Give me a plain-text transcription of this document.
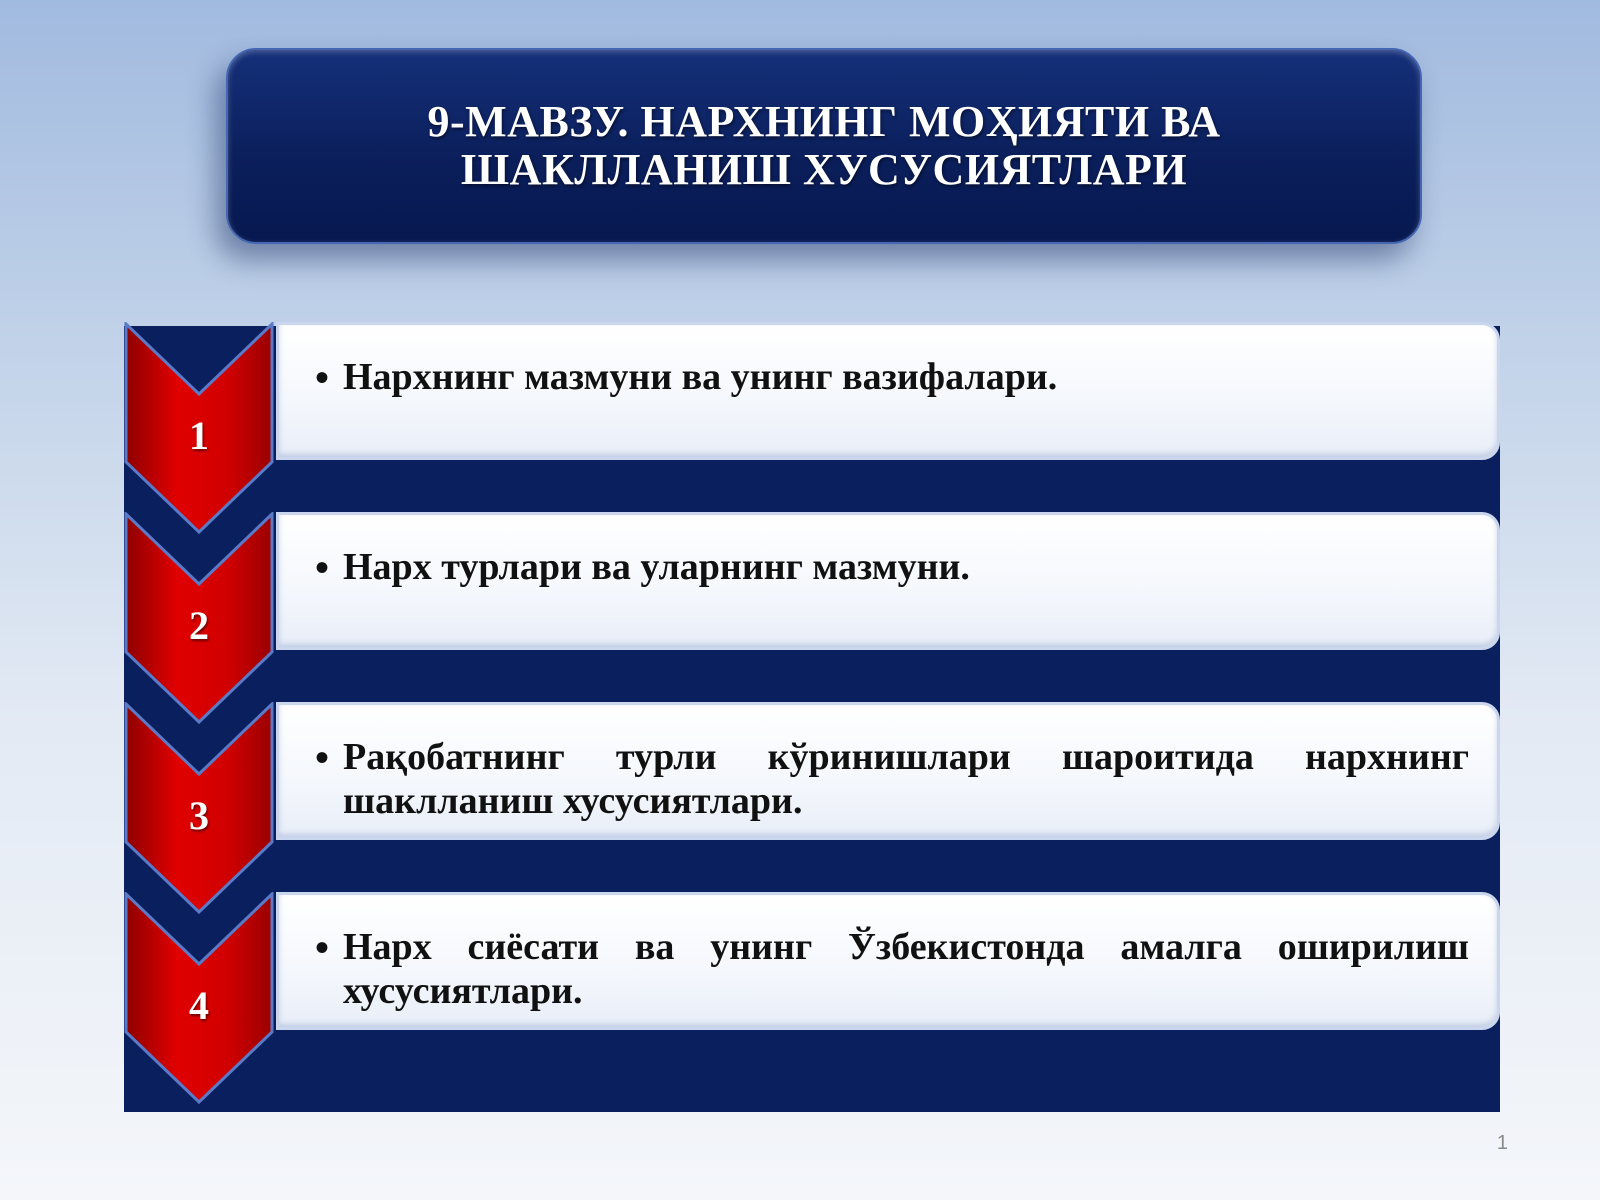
9-МАВЗУ. НАРХНИНГ МОҲИЯТИ ВА ШАКЛЛАНИШ ХУСУСИЯТЛАРИ
• Нархнинг мазмуни ва унинг вазифалари.
1
• Нарх турлари ва уларнинг мазмуни.
2
• Рақобатнинг турли кўринишлари шароитида нархнинг шаклланиш хусусиятлари.
3
• Нарх сиёсати ва унинг Ўзбекистонда амалга оширилиш хусусиятлари.
4
1
